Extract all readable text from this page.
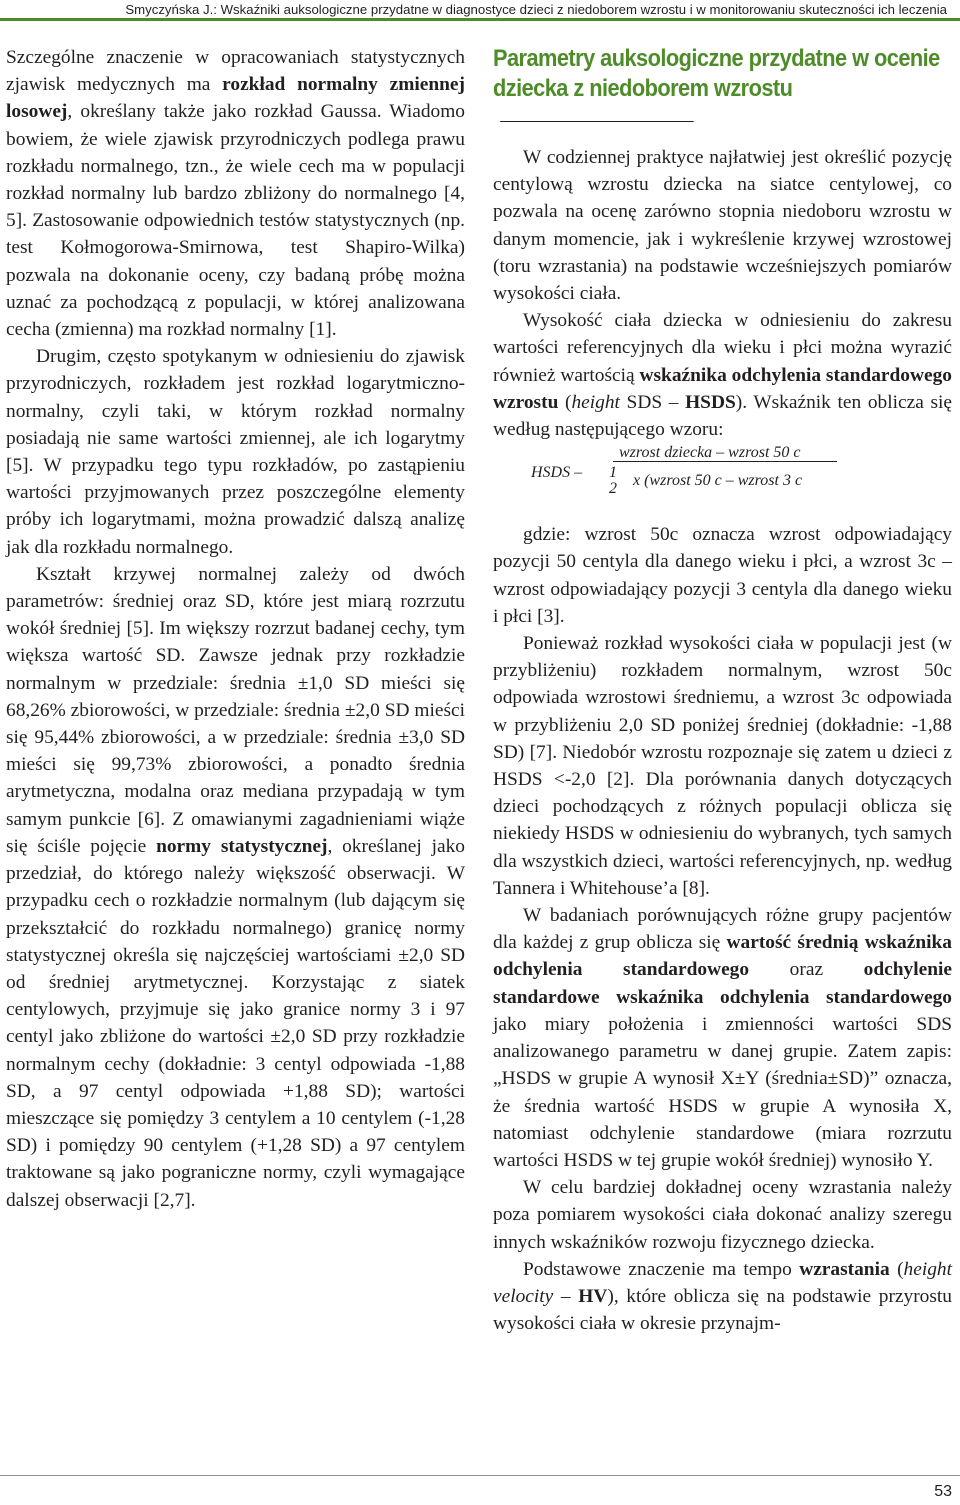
Smyczyńska J.: Wskaźniki auksologiczne przydatne w diagnostyce dzieci z niedoborem wzrostu i w monitorowaniu skuteczności ich leczenia

Szczególne znaczenie w opracowaniach statystycznych zjawisk medycznych ma rozkład normalny zmiennej losowej, określany także jako rozkład Gaussa. Wiadomo bowiem, że wiele zjawisk przyrodniczych podlega prawu rozkładu normalnego, tzn., że wiele cech ma w populacji rozkład normalny lub bardzo zbliżony do normalnego [4, 5]. Zastosowanie odpowiednich testów statystycznych (np. test Kołmogorowa-Smirnowa, test Shapiro-Wilka) pozwala na dokonanie oceny, czy badaną próbę można uznać za pochodzącą z populacji, w której analizowana cecha (zmienna) ma rozkład normalny [1].

Drugim, często spotykanym w odniesieniu do zjawisk przyrodniczych, rozkładem jest rozkład logarytmiczno-normalny, czyli taki, w którym rozkład normalny posiadają nie same wartości zmiennej, ale ich logarytmy [5]. W przypadku tego typu rozkładów, po zastąpieniu wartości przyjmowanych przez poszczególne elementy próby ich logarytmami, można prowadzić dalszą analizę jak dla rozkładu normalnego.

Kształt krzywej normalnej zależy od dwóch parametrów: średniej oraz SD, które jest miarą rozrzutu wokół średniej [5]. Im większy rozrzut badanej cechy, tym większa wartość SD. Zawsze jednak przy rozkładzie normalnym w przedziale: średnia ±1,0 SD mieści się 68,26% zbiorowości, w przedziale: średnia ±2,0 SD mieści się 95,44% zbiorowości, a w przedziale: średnia ±3,0 SD mieści się 99,73% zbiorowości, a ponadto średnia arytmetyczna, modalna oraz mediana przypadają w tym samym punkcie [6]. Z omawianymi zagadnieniami wiąże się ściśle pojęcie normy statystycznej, określanej jako przedział, do którego należy większość obserwacji. W przypadku cech o rozkładzie normalnym (lub dającym się przekształcić do rozkładu normalnego) granicę normy statystycznej określa się najczęściej wartościami ±2,0 SD od średniej arytmetycznej. Korzystając z siatek centylowych, przyjmuje się jako granice normy 3 i 97 centyl jako zbliżone do wartości ±2,0 SD przy rozkładzie normalnym cechy (dokładnie: 3 centyl odpowiada -1,88 SD, a 97 centyl odpowiada +1,88 SD); wartości mieszczące się pomiędzy 3 centylem a 10 centylem (-1,28 SD) i pomiędzy 90 centylem (+1,28 SD) a 97 centylem traktowane są jako pograniczne normy, czyli wymagające dalszej obserwacji [2,7].

Parametry auksologiczne przydatne w ocenie dziecka z niedoborem wzrostu

W codziennej praktyce najłatwiej jest określić pozycję centylową wzrostu dziecka na siatce centylowej, co pozwala na ocenę zarówno stopnia niedoboru wzrostu w danym momencie, jak i wykreślenie krzywej wzrostowej (toru wzrastania) na podstawie wcześniejszych pomiarów wysokości ciała.

Wysokość ciała dziecka w odniesieniu do zakresu wartości referencyjnych dla wieku i płci można wyrazić również wartością wskaźnika odchylenia standardowego wzrostu (height SDS – HSDS). Wskaźnik ten oblicza się według następującego wzoru:

HSDS –
wzrost dziecka – wzrost 50 c
1
2 x (wzrost 50 c – wzrost 3 c

gdzie: wzrost 50c oznacza wzrost odpowiadający pozycji 50 centyla dla danego wieku i płci, a wzrost 3c – wzrost odpowiadający pozycji 3 centyla dla danego wieku i płci [3].

Ponieważ rozkład wysokości ciała w populacji jest (w przybliżeniu) rozkładem normalnym, wzrost 50c odpowiada wzrostowi średniemu, a wzrost 3c odpowiada w przybliżeniu 2,0 SD poniżej średniej (dokładnie: -1,88 SD) [7]. Niedobór wzrostu rozpoznaje się zatem u dzieci z HSDS <-2,0 [2]. Dla porównania danych dotyczących dzieci pochodzących z różnych populacji oblicza się niekiedy HSDS w odniesieniu do wybranych, tych samych dla wszystkich dzieci, wartości referencyjnych, np. według Tannera i Whitehouse’a [8].

W badaniach porównujących różne grupy pacjentów dla każdej z grup oblicza się wartość średnią wskaźnika odchylenia standardowego oraz odchylenie standardowe wskaźnika odchylenia standardowego jako miary położenia i zmienności wartości SDS analizowanego parametru w danej grupie. Zatem zapis: „HSDS w grupie A wynosił X±Y (średnia±SD)” oznacza, że średnia wartość HSDS w grupie A wynosiła X, natomiast odchylenie standardowe (miara rozrzutu wartości HSDS w tej grupie wokół średniej) wynosiło Y.

W celu bardziej dokładnej oceny wzrastania należy poza pomiarem wysokości ciała dokonać analizy szeregu innych wskaźników rozwoju fizycznego dziecka.

Podstawowe znaczenie ma tempo wzrastania (height velocity – HV), które oblicza się na podstawie przyrostu wysokości ciała w okresie przynajm-

53
